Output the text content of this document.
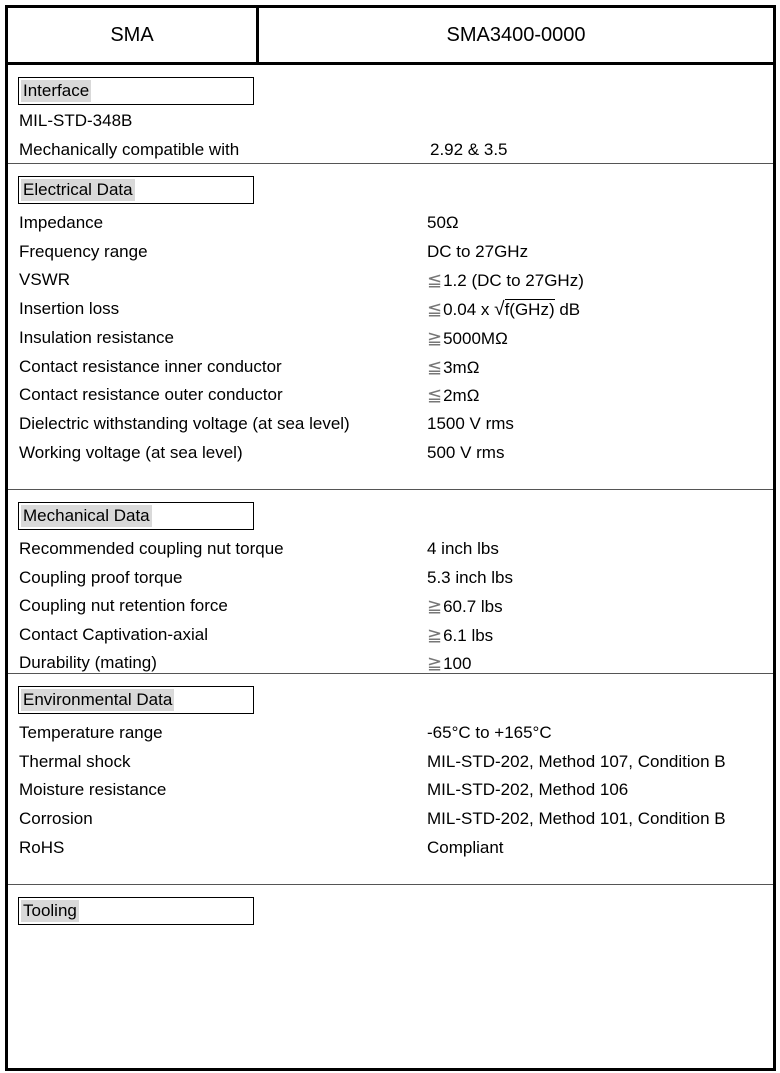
SMA	SMA3400-0000
Interface
MIL-STD-348B
Mechanically compatible with	2.92 & 3.5
Electrical Data
Impedance	50Ω
Frequency range	DC to 27GHz
VSWR	≦1.2 (DC to 27GHz)
Insertion loss	≦0.04 x √f(GHz) dB
Insulation resistance	≧5000MΩ
Contact resistance inner conductor	≦3mΩ
Contact resistance outer conductor	≦2mΩ
Dielectric withstanding voltage (at sea level)	1500 V rms
Working voltage (at sea level)	500 V rms
Mechanical Data
Recommended coupling nut torque	4 inch lbs
Coupling proof torque	5.3 inch lbs
Coupling nut retention force	≧60.7 lbs
Contact Captivation-axial	≧6.1 lbs
Durability (mating)	≧100
Environmental Data
Temperature range	-65°C to +165°C
Thermal shock	MIL-STD-202, Method 107, Condition B
Moisture resistance	MIL-STD-202, Method 106
Corrosion	MIL-STD-202, Method 101, Condition B
RoHS	Compliant
Tooling
